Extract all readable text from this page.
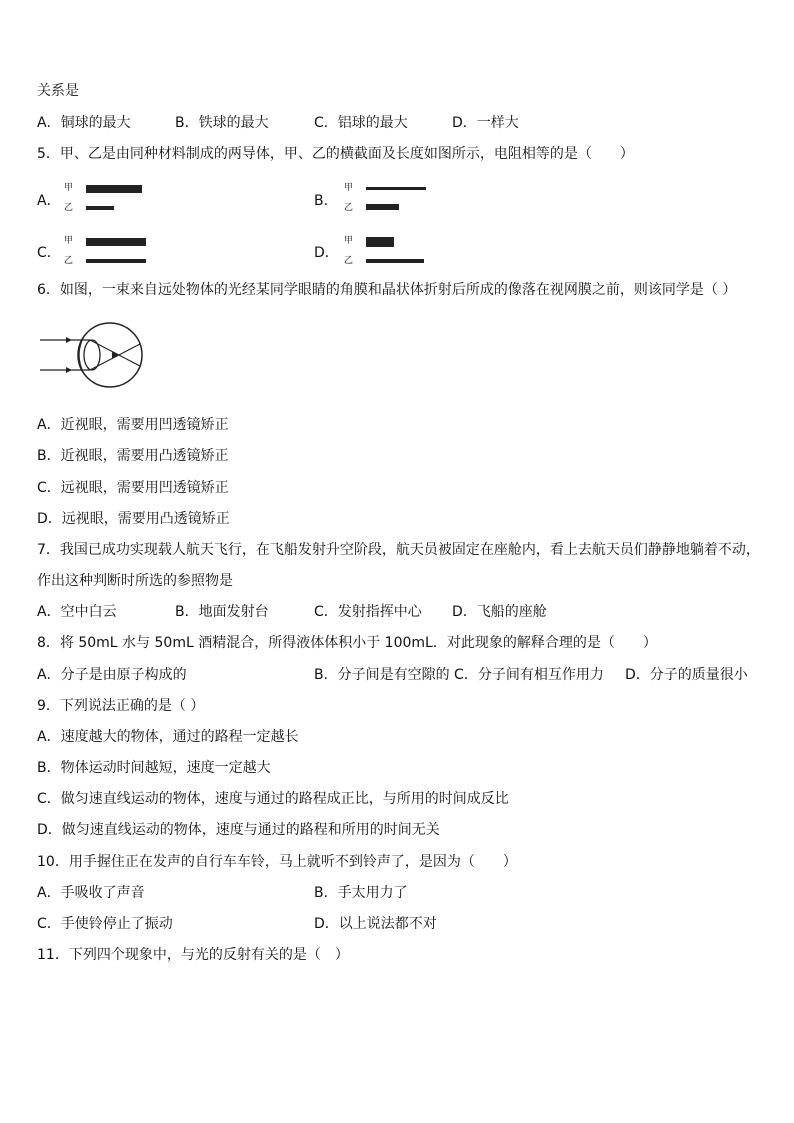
关系是
A．铜球的最大	B．铁球的最大	C．铝球的最大	D．一样大
5．甲、乙是由同种材料制成的两导体，甲、乙的横截面及长度如图所示，电阻相等的是（　　）
A．
甲
乙	B．
甲
乙
C．
甲
乙	D．
甲
乙
6．如图，一束来自远处物体的光经某同学眼睛的角膜和晶状体折射后所成的像落在视网膜之前，则该同学是（ ）
A．近视眼，需要用凹透镜矫正
B．近视眼，需要用凸透镜矫正
C．远视眼，需要用凹透镜矫正
D．远视眼，需要用凸透镜矫正
7．我国已成功实现载人航天飞行，在飞船发射升空阶段，航天员被固定在座舱内，看上去航天员们静静地躺着不动，
作出这种判断时所选的参照物是
A．空中白云	B．地面发射台	C．发射指挥中心 D．飞船的座舱
8．将 50mL 水与 50mL 酒精混合，所得液体体积小于 100mL．对此现象的解释合理的是（　　）
A．分子是由原子构成的	B．分子间是有空隙的 C．分子间有相互作用力 D．分子的质量很小
9．下列说法正确的是（ ）
A．速度越大的物体，通过的路程一定越长
B．物体运动时间越短，速度一定越大
C．做匀速直线运动的物体，速度与通过的路程成正比，与所用的时间成反比
D．做匀速直线运动的物体，速度与通过的路程和所用的时间无关
10．用手握住正在发声的自行车车铃，马上就听不到铃声了，是因为（　　）
A．手吸收了声音	B．手太用力了
C．手使铃停止了振动	D．以上说法都不对
11．下列四个现象中，与光的反射有关的是（　）
